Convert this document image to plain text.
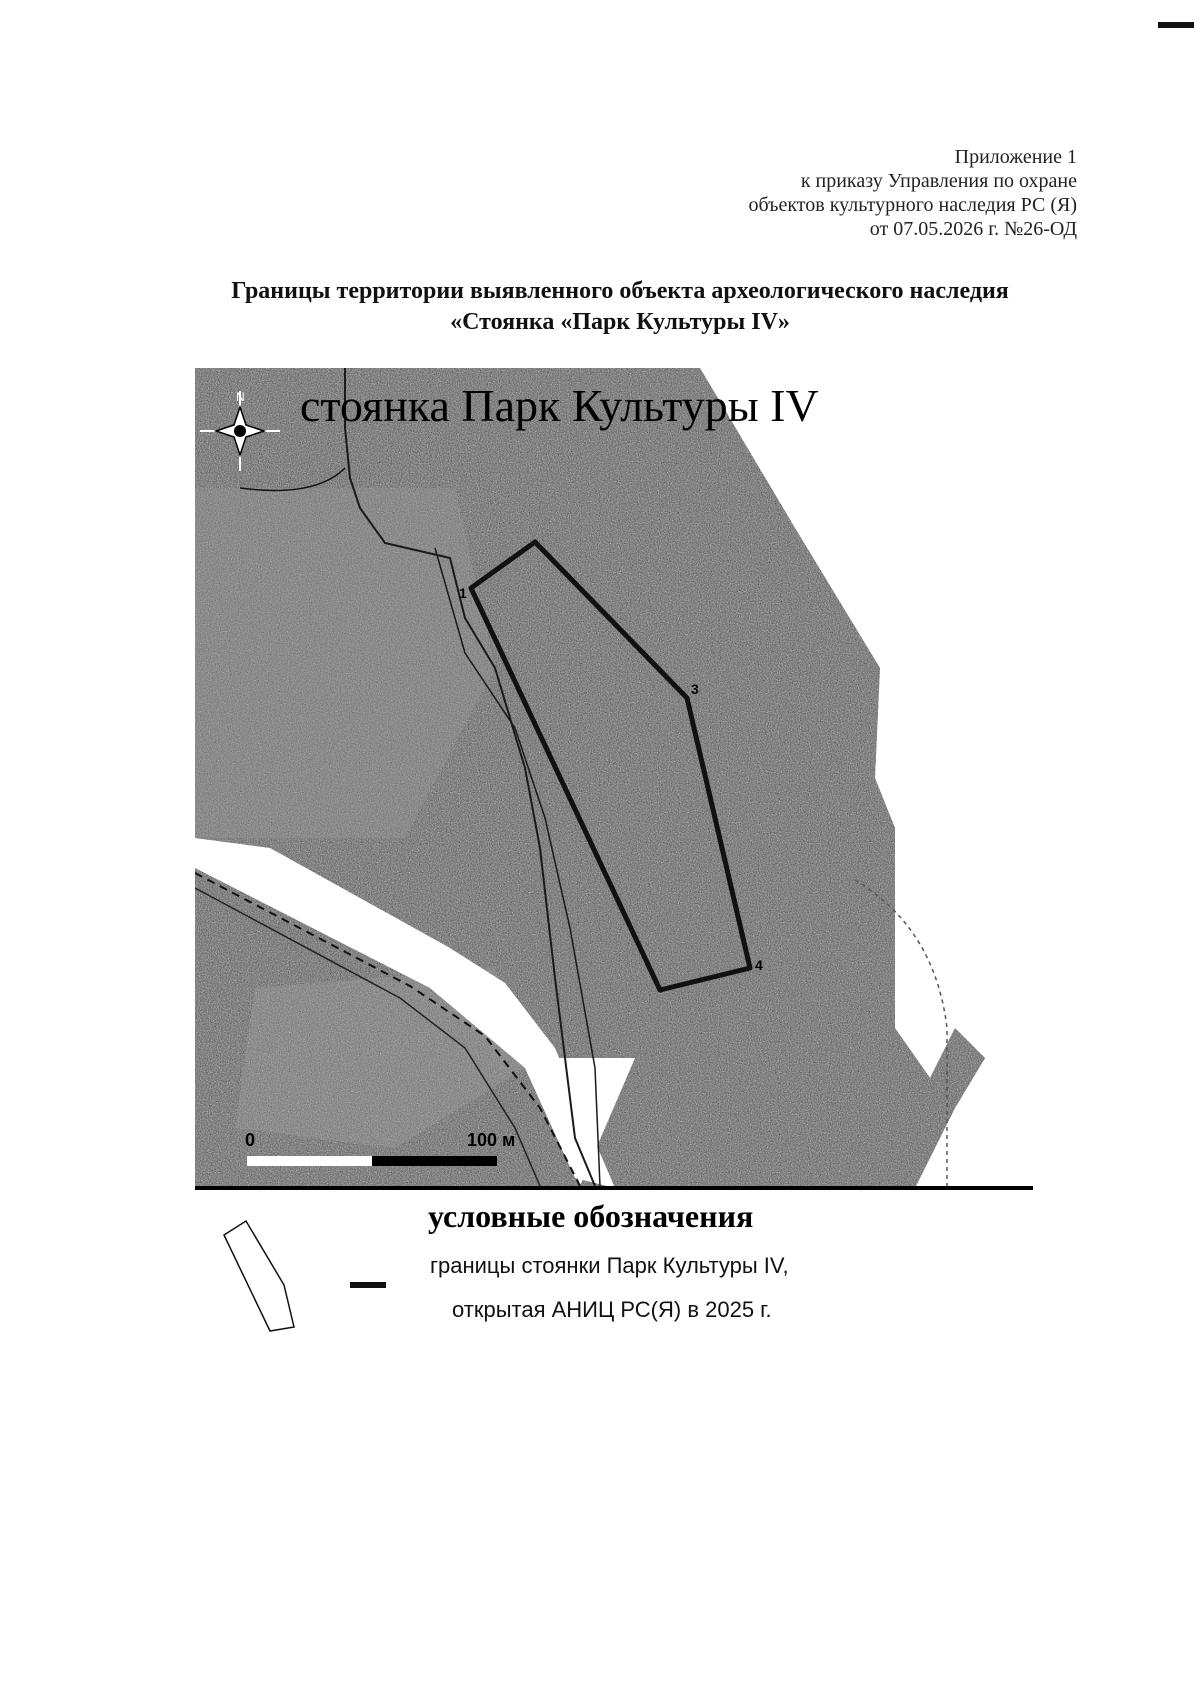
Приложение 1
к приказу Управления по охране
объектов культурного наследия РС (Я)
от 07.05.2026 г. №26-ОД
Границы территории выявленного объекта археологического наследия
«Стоянка «Парк Культуры IV»
1
3
4
N
0	100 м
стоянка Парк Культуры IV
условные обозначения
границы стоянки Парк Культуры IV,
открытая АНИЦ РС(Я) в 2025 г.
